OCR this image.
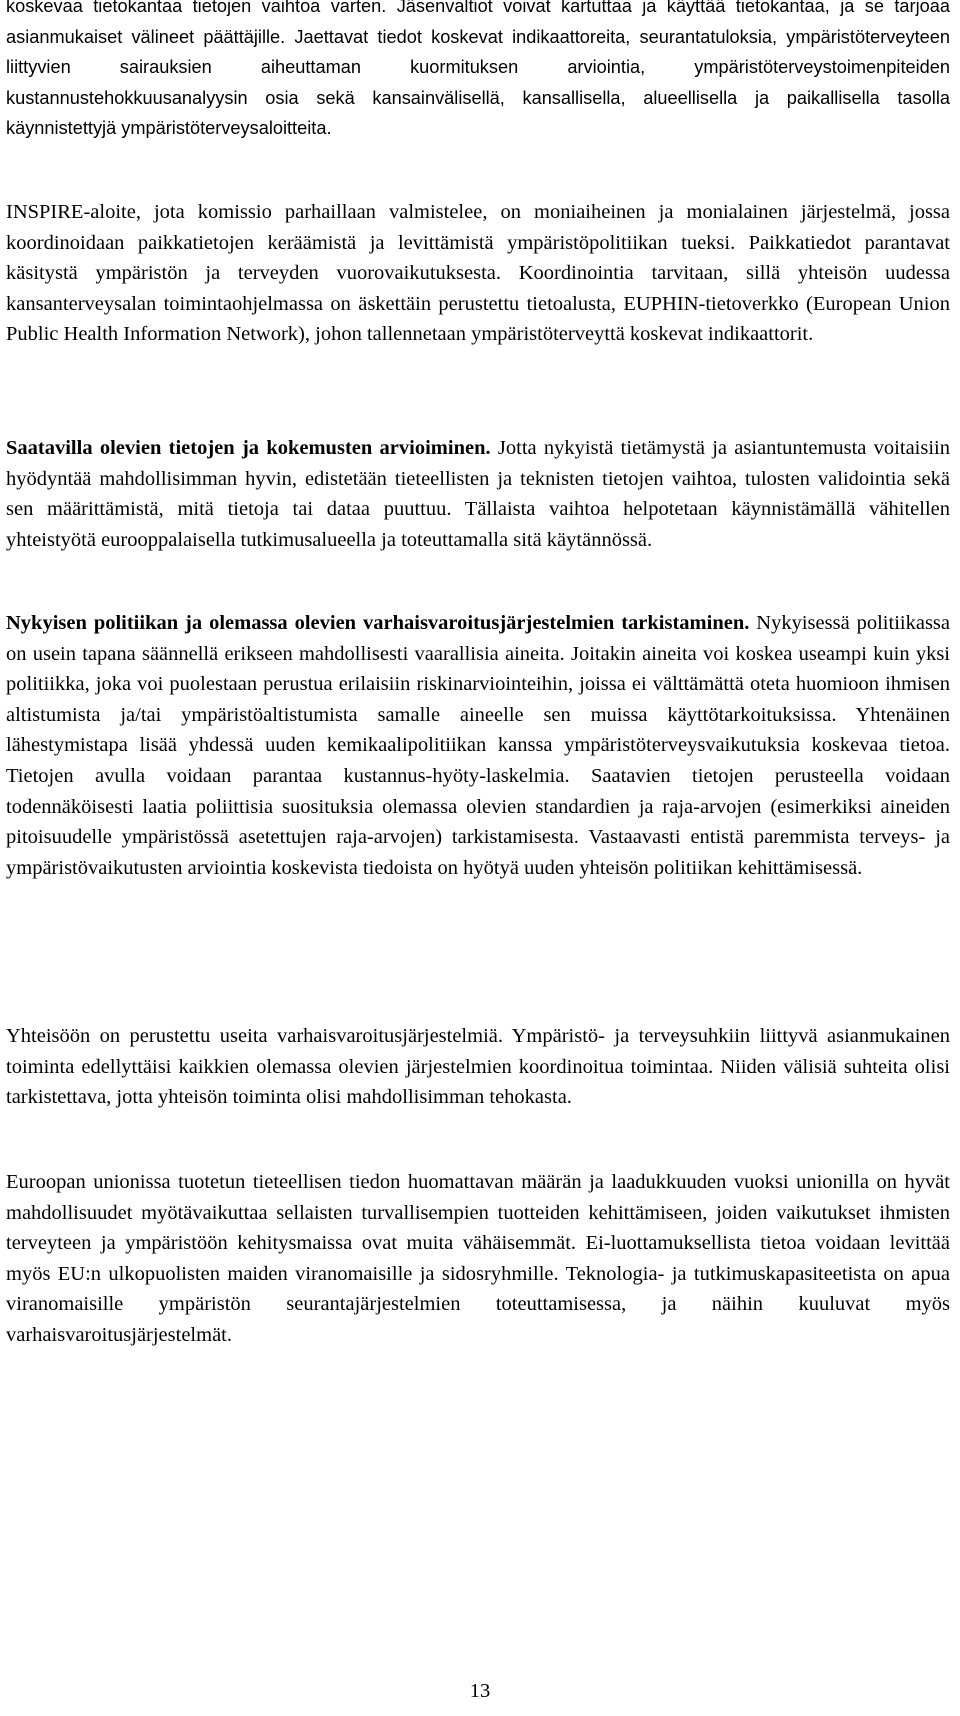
koskevaa tietokantaa tietojen vaihtoa varten. Jäsenvaltiot voivat kartuttaa ja käyttää tietokantaa, ja se tarjoaa asianmukaiset välineet päättäjille. Jaettavat tiedot koskevat indikaattoreita, seurantatuloksia, ympäristöterveyteen liittyvien sairauksien aiheuttaman kuormituksen arviointia, ympäristöterveystoimenpiteiden kustannustehokkuusanalyysin osia sekä kansainvälisellä, kansallisella, alueellisella ja paikallisella tasolla käynnistettyjä ympäristöterveysaloitteita.

INSPIRE-aloite, jota komissio parhaillaan valmistelee, on moniaiheinen ja monialainen järjestelmä, jossa koordinoidaan paikkatietojen keräämistä ja levittämistä ympäristöpolitiikan tueksi. Paikkatiedot parantavat käsitystä ympäristön ja terveyden vuorovaikutuksesta. Koordinointia tarvitaan, sillä yhteisön uudessa kansanterveysalan toimintaohjelmassa on äskettäin perustettu tietoalusta, EUPHIN-tietoverkko (European Union Public Health Information Network), johon tallennetaan ympäristöterveyttä koskevat indikaattorit.

Saatavilla olevien tietojen ja kokemusten arvioiminen. Jotta nykyistä tietämystä ja asiantuntemusta voitaisiin hyödyntää mahdollisimman hyvin, edistetään tieteellisten ja teknisten tietojen vaihtoa, tulosten validointia sekä sen määrittämistä, mitä tietoja tai dataa puuttuu. Tällaista vaihtoa helpotetaan käynnistämällä vähitellen yhteistyötä eurooppalaisella tutkimusalueella ja toteuttamalla sitä käytännössä.

Nykyisen politiikan ja olemassa olevien varhaisvaroitusjärjestelmien tarkistaminen. Nykyisessä politiikassa on usein tapana säännellä erikseen mahdollisesti vaarallisia aineita. Joitakin aineita voi koskea useampi kuin yksi politiikka, joka voi puolestaan perustua erilaisiin riskinarviointeihin, joissa ei välttämättä oteta huomioon ihmisen altistumista ja/tai ympäristöaltistumista samalle aineelle sen muissa käyttötarkoituksissa. Yhtenäinen lähestymistapa lisää yhdessä uuden kemikaalipolitiikan kanssa ympäristöterveysvaikutuksia koskevaa tietoa. Tietojen avulla voidaan parantaa kustannus-hyöty-laskelmia. Saatavien tietojen perusteella voidaan todennäköisesti laatia poliittisia suosituksia olemassa olevien standardien ja raja-arvojen (esimerkiksi aineiden pitoisuudelle ympäristössä asetettujen raja-arvojen) tarkistamisesta. Vastaavasti entistä paremmista terveys- ja ympäristövaikutusten arviointia koskevista tiedoista on hyötyä uuden yhteisön politiikan kehittämisessä.

Yhteisöön on perustettu useita varhaisvaroitusjärjestelmiä. Ympäristö- ja terveysuhkiin liittyvä asianmukainen toiminta edellyttäisi kaikkien olemassa olevien järjestelmien koordinoitua toimintaa. Niiden välisiä suhteita olisi tarkistettava, jotta yhteisön toiminta olisi mahdollisimman tehokasta.

Euroopan unionissa tuotetun tieteellisen tiedon huomattavan määrän ja laadukkuuden vuoksi unionilla on hyvät mahdollisuudet myötävaikuttaa sellaisten turvallisempien tuotteiden kehittämiseen, joiden vaikutukset ihmisten terveyteen ja ympäristöön kehitysmaissa ovat muita vähäisemmät. Ei-luottamuksellista tietoa voidaan levittää myös EU:n ulkopuolisten maiden viranomaisille ja sidosryhmille. Teknologia- ja tutkimuskapasiteetista on apua viranomaisille ympäristön seurantajärjestelmien toteuttamisessa, ja näihin kuuluvat myös varhaisvaroitusjärjestelmät.

13
